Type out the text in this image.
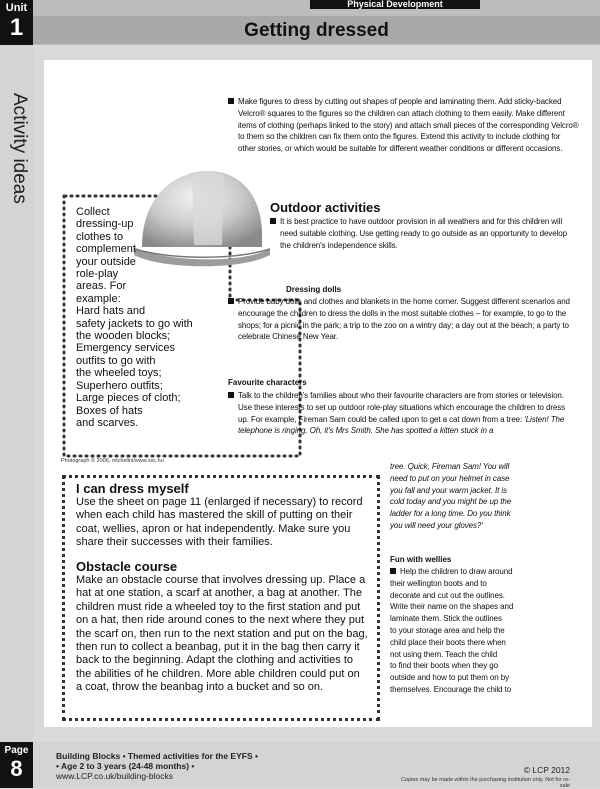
Unit
1
Activity ideas
Physical Development
Getting dressed
Make figures to dress by cutting out shapes of people and laminating them. Add sticky-backed Velcro® squares to the figures so the children can attach clothing to them easily. Make different items of clothing (perhaps linked to the story) and attach small pieces of the corresponding Velcro® to them so the children can fix them onto the figures. Extend this activity to include clothing for other stories, or which would be suitable for different weather conditions or different occasions.
Collect
dressing-up
clothes to
complement
your outside
role-play
areas. For
example:
Hard hats and
safety jackets to go with
the wooden blocks;
Emergency services
outfits to go with
the wheeled toys;
Superhero outfits;
Large pieces of cloth;
Boxes of hats
and scarves.
Photograph © 2006, michelini/www.sxc.hu
Outdoor activities
It is best practice to have outdoor provision in all weathers and for this children will need suitable clothing. Use getting ready to go outside as an opportunity to develop the children's independence skills.
Dressing dolls
Provide baby dolls and clothes and blankets in the home corner. Suggest different scenarios and encourage the children to dress the dolls in the most suitable clothes – for example, to go to the shops; for a picnic in the park; a trip to the zoo on a wintry day; a day out at the beach; a party to celebrate Chinese New Year.
Favourite characters
Talk to the children's families about who their favourite characters are from stories or television. Use these interests to set up outdoor role-play situations which encourage the children to dress up. For example, Fireman Sam could be called upon to get a cat down from a tree: 'Listen! The telephone is ringing. Oh, it's Mrs Smith. She has spotted a kitten stuck in a
tree. Quick, Fireman Sam! You will
need to put on your helmet in case
you fall and your warm jacket. It is
cold today and you might be up the
ladder for a long time. Do you think
you will need your gloves?'
I can dress myself
Use the sheet on page 11 (enlarged if necessary) to record when each child has mastered the skill of putting on their coat, wellies, apron or hat independently. Make sure you share their successes with their families.
Obstacle course
Make an obstacle course that involves dressing up. Place a hat at one station, a scarf at another, a bag at another. The children must ride a wheeled toy to the first station and put on a hat, then ride around cones to the next where they put the scarf on, then run to the next station and put on the bag, then run to collect a beanbag, put it in the bag then carry it back to the beginning. Adapt the clothing and activities to the abilities of he children. More able children could put on a coat, throw the beanbag into a bucket and so on.
Fun with wellies
Help the children to draw around
their wellington boots and to
decorate and cut out the outlines.
Write their name on the shapes and
laminate them. Stick the outlines
to your storage area and help the
child place their boots there when
not using them. Teach the child
to find their boots when they go
outside and how to put them on by
themselves. Encourage the child to
Page
8	Building Blocks • Themed activities for the EYFS •
• Age 2 to 3 years (24-48 months) •
www.LCP.co.uk/building-blocks
© LCP 2012
Copies may be made within the purchasing institution only. Not for re-sale
